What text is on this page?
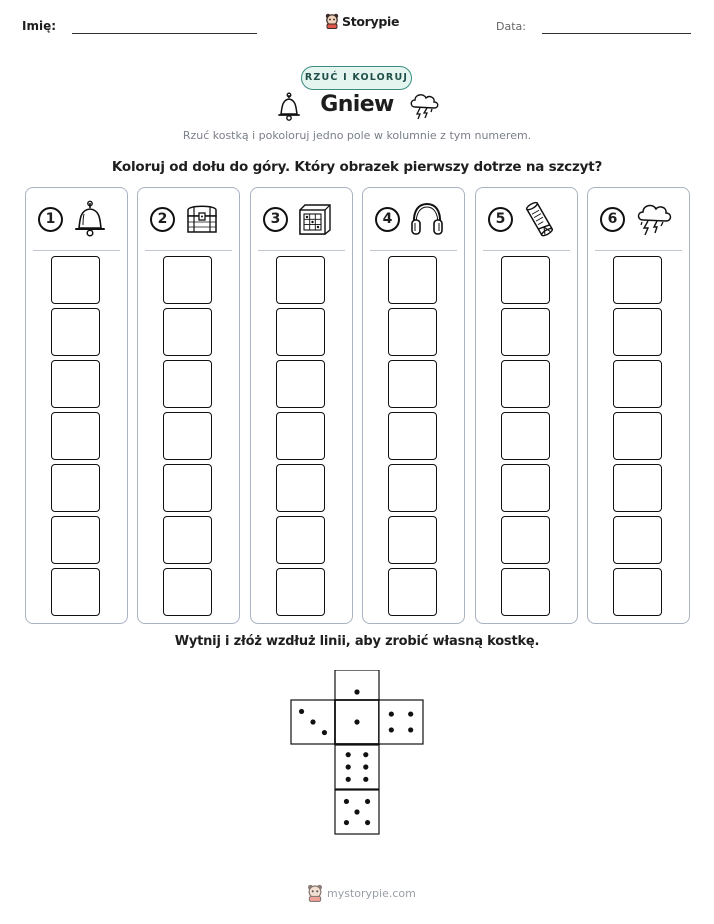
Imię:	Storypie	Data:
RZUĆ I KOLORUJ
Gniew
Rzuć kostką i pokoloruj jedno pole w kolumnie z tym numerem.
Koloruj od dołu do góry. Który obrazek pierwszy dotrze na szczyt?
1	2	3	4	5	6
Wytnij i złóż wzdłuż linii, aby zrobić własną kostkę.
mystorypie.com
